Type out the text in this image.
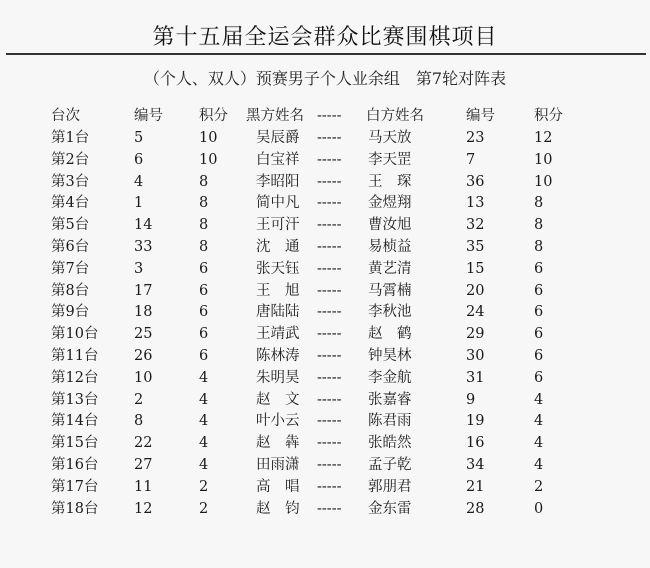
第十五届全运会群众比赛围棋项目
（个人、双人）预赛男子个人业余组　第7轮对阵表
台次	编号 积分 黑方姓名 ----- 白方姓名	编号	积分
第1台	5	10	吴辰爵	----- 马天放	23	12
第2台	6	10	白宝祥	----- 李天罡	7	10
第3台	4	8	李昭阳	----- 王　琛	36	10
第4台	1	8	简中凡	----- 金煜翔	13	8
第5台	14	8	王可汗	----- 曹汝旭	32	8
第6台	33	8	沈　通	----- 易桢益	35	8
第7台	3	6	张天钰	----- 黄艺清	15	6
第8台	17	6	王　旭	----- 马霄楠	20	6
第9台	18	6	唐陆陆	----- 李秋池	24	6
第10台 25	6	王靖武	----- 赵　鹤	29	6
第11台 26	6	陈林涛	----- 钟昊林	30	6
第12台 10	4	朱明昊	----- 李金航	31	6
第13台 2	4	赵　文	----- 张嘉睿	9	4
第14台 8	4	叶小云	----- 陈君雨	19	4
第15台 22	4	赵　犇	----- 张皓然	16	4
第16台 27	4	田雨潇	----- 孟子乾	34	4
第17台 11	2	高　唱	----- 郭朋君	21	2
第18台 12	2	赵　钧	----- 金东雷	28	0
